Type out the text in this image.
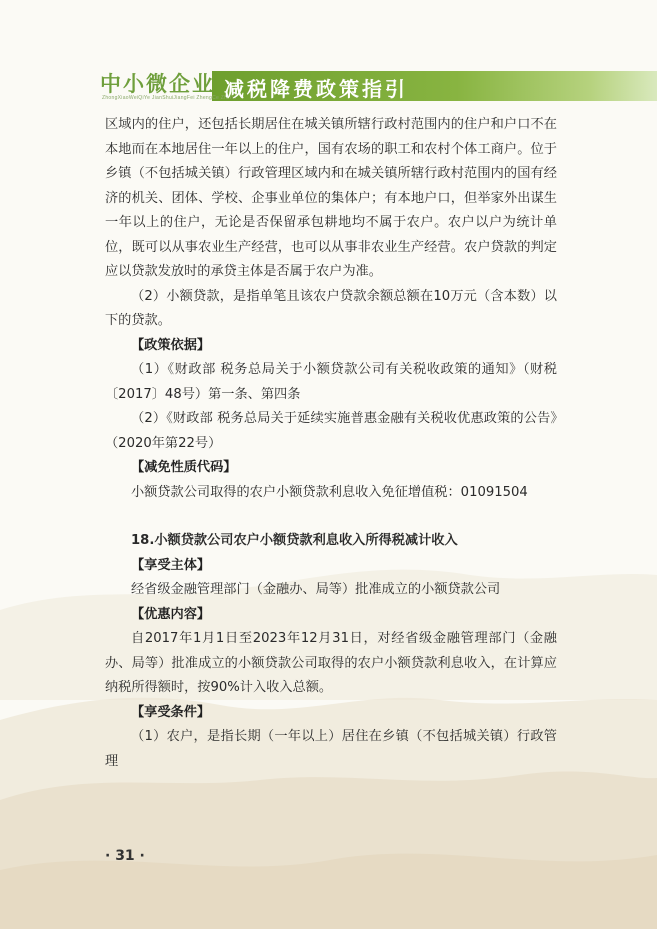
中小微企业
ZhongXiaoWeiQiYe JianShuiJiangFei ZhengCe ZhiYin
减税降费政策指引

区域内的住户，还包括长期居住在城关镇所辖行政村范围内的住户和户口不在本地而在本地居住一年以上的住户，国有农场的职工和农村个体工商户。位于乡镇（不包括城关镇）行政管理区域内和在城关镇所辖行政村范围内的国有经济的机关、团体、学校、企事业单位的集体户；有本地户口，但举家外出谋生一年以上的住户，无论是否保留承包耕地均不属于农户。农户以户为统计单位，既可以从事农业生产经营，也可以从事非农业生产经营。农户贷款的判定应以贷款发放时的承贷主体是否属于农户为准。

（2）小额贷款，是指单笔且该农户贷款余额总额在10万元（含本数）以下的贷款。

【政策依据】

（1）《财政部 税务总局关于小额贷款公司有关税收政策的通知》（财税〔2017〕48号）第一条、第四条

（2）《财政部 税务总局关于延续实施普惠金融有关税收优惠政策的公告》（2020年第22号）

【减免性质代码】

小额贷款公司取得的农户小额贷款利息收入免征增值税：01091504

18.小额贷款公司农户小额贷款利息收入所得税减计收入

【享受主体】

经省级金融管理部门（金融办、局等）批准成立的小额贷款公司

【优惠内容】

自2017年1月1日至2023年12月31日，对经省级金融管理部门（金融办、局等）批准成立的小额贷款公司取得的农户小额贷款利息收入，在计算应纳税所得额时，按90%计入收入总额。

【享受条件】

（1）农户，是指长期（一年以上）居住在乡镇（不包括城关镇）行政管理

· 31 ·
